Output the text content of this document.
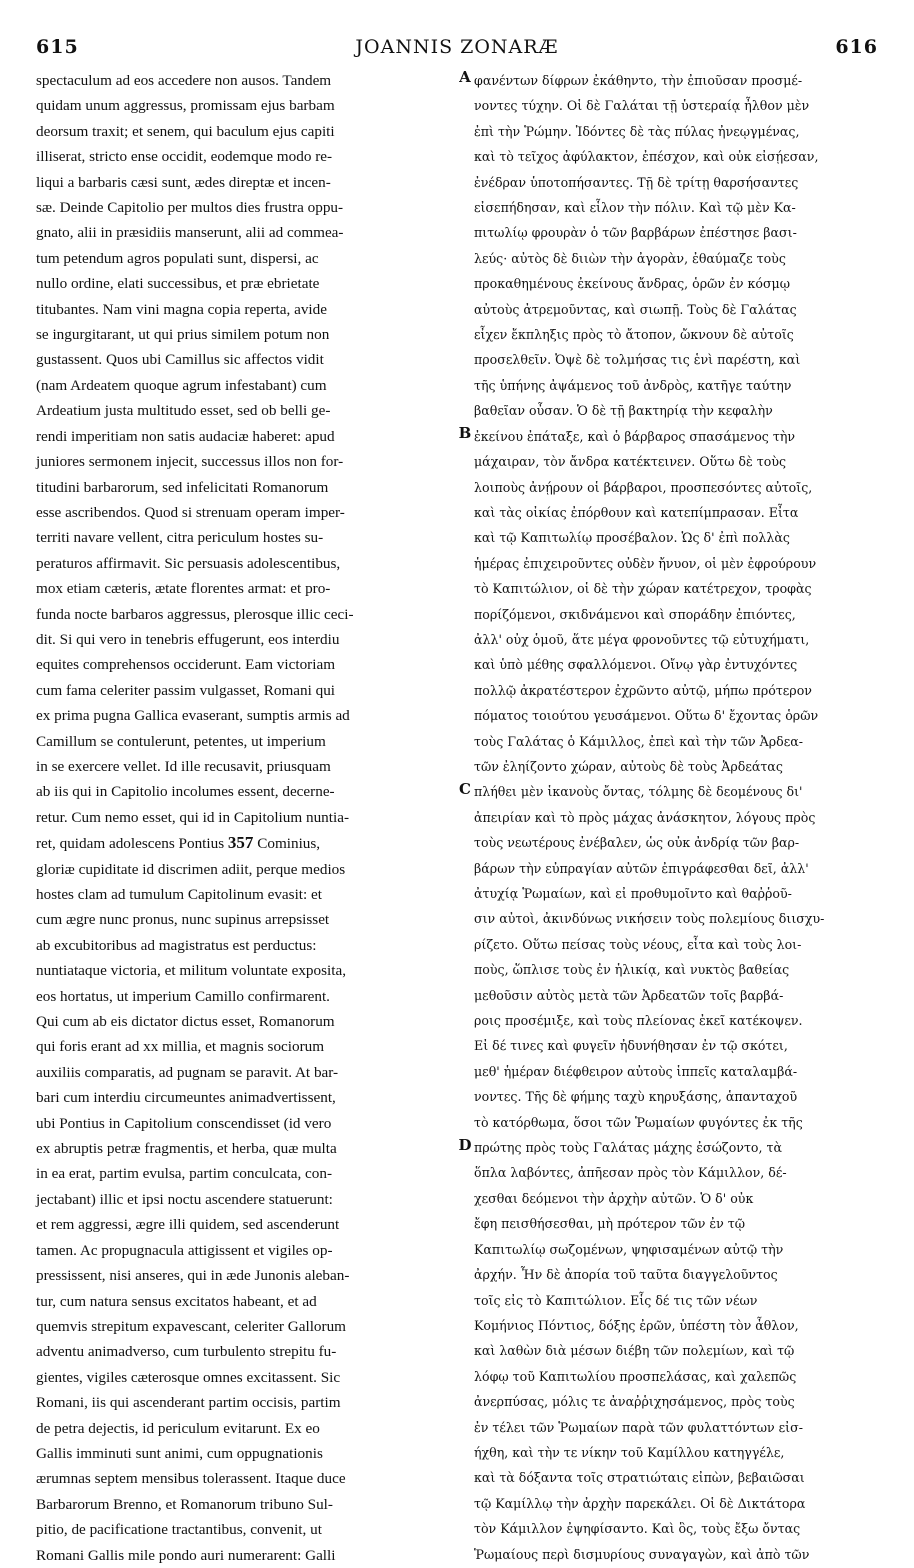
615	JOANNIS ZONARÆ	616
spectaculum ad eos accedere non ausos. Tandem
quidam unum aggressus, promissam ejus barbam
deorsum traxit; et senem, qui baculum ejus capiti
illiserat, stricto ense occidit, eodemque modo re-
liqui a barbaris cæsi sunt, ædes direptæ et incen-
sæ. Deinde Capitolio per multos dies frustra oppu-
gnato, alii in præsidiis manserunt, alii ad commea-
tum petendum agros populati sunt, dispersi, ac
nullo ordine, elati successibus, et præ ebrietate
titubantes. Nam vini magna copia reperta, avide
se ingurgitarant, ut qui prius similem potum non
gustassent. Quos ubi Camillus sic affectos vidit
(nam Ardeatem quoque agrum infestabant) cum
Ardeatium justa multitudo esset, sed ob belli ge-
rendi imperitiam non satis audaciæ haberet: apud
juniores sermonem injecit, successus illos non for-
titudini barbarorum, sed infelicitati Romanorum
esse ascribendos. Quod si strenuam operam imper-
territi navare vellent, citra periculum hostes su-
peraturos affirmavit. Sic persuasis adolescentibus,
mox etiam cæteris, ætate florentes armat: et pro-
funda nocte barbaros aggressus, plerosque illic ceci-
dit. Si qui vero in tenebris effugerunt, eos interdiu
equites comprehensos occiderunt. Eam victoriam
cum fama celeriter passim vulgasset, Romani qui
ex prima pugna Gallica evaserant, sumptis armis ad
Camillum se contulerunt, petentes, ut imperium
in se exercere vellet. Id ille recusavit, priusquam
ab iis qui in Capitolio incolumes essent, decerne-
retur. Cum nemo esset, qui id in Capitolium nuntia-
ret, quidam adolescens Pontius 357 Cominius,
gloriæ cupiditate id discrimen adiit, perque medios
hostes clam ad tumulum Capitolinum evasit: et
cum ægre nunc pronus, nunc supinus arrepsisset
ab excubitoribus ad magistratus est perductus:
nuntiataque victoria, et militum voluntate exposita,
eos hortatus, ut imperium Camillo confirmarent.
Qui cum ab eis dictator dictus esset, Romanorum
qui foris erant ad xx millia, et magnis sociorum
auxiliis comparatis, ad pugnam se paravit. At bar-
bari cum interdiu circumeuntes animadvertissent,
ubi Pontius in Capitolium conscendisset (id vero
ex abruptis petræ fragmentis, et herba, quæ multa
in ea erat, partim evulsa, partim conculcata, con-
jectabant) illic et ipsi noctu ascendere statuerunt:
et rem aggressi, ægre illi quidem, sed ascenderunt
tamen. Ac propugnacula attigissent et vigiles op-
pressissent, nisi anseres, qui in æde Junonis aleban-
tur, cum natura sensus excitatos habeant, et ad
quemvis strepitum expavescant, celeriter Gallorum
adventu animadverso, cum turbulento strepitu fu-
gientes, vigiles cæterosque omnes excitassent. Sic
Romani, iis qui ascenderant partim occisis, partim
de petra dejectis, id periculum evitarunt. Ex eo
Gallis imminuti sunt animi, cum oppugnationis
ærumnas septem mensibus tolerassent. Itaque duce
Barbarorum Brenno, et Romanorum tribuno Sul-
pitio, de pacificatione tractantibus, convenit, ut
Romani Gallis mile pondo auri numerarent: Galli
A
B
C
D
φανέντων δίφρων ἐκάθηντο, τὴν ἐπιοῦσαν προσμέ-
νοντες τύχην. Οἱ δὲ Γαλάται τῇ ὑστεραίᾳ ἦλθον μὲν
ἐπὶ τὴν Ῥώμην. Ἰδόντες δὲ τὰς πύλας ἠνεῳγμένας,
καὶ τὸ τεῖχος ἀφύλακτον, ἐπέσχον, καὶ οὐκ εἰσῄεσαν,
ἐνέδραν ὑποτοπήσαντες. Τῇ δὲ τρίτῃ θαρσήσαντες
εἰσεπήδησαν, καὶ εἷλον τὴν πόλιν. Καὶ τῷ μὲν Κα-
πιτωλίῳ φρουρὰν ὁ τῶν βαρβάρων ἐπέστησε βασι-
λεύς· αὐτὸς δὲ διιὼν τὴν ἀγορὰν, ἐθαύμαζε τοὺς
προκαθημένους ἐκείνους ἄνδρας, ὁρῶν ἐν κόσμῳ
αὐτοὺς ἀτρεμοῦντας, καὶ σιωπῇ. Τοὺς δὲ Γαλάτας
εἶχεν ἔκπληξις πρὸς τὸ ἄτοπον, ὤκνουν δὲ αὐτοῖς
προσελθεῖν. Ὀψὲ δὲ τολμήσας τις ἑνὶ παρέστη, καὶ
τῆς ὑπήνης ἀψάμενος τοῦ ἀνδρὸς, κατῆγε ταύτην
βαθεῖαν οὖσαν. Ὁ δὲ τῇ βακτηρίᾳ τὴν κεφαλὴν
ἐκείνου ἐπάταξε, καὶ ὁ βάρβαρος σπασάμενος τὴν
μάχαιραν, τὸν ἄνδρα κατέκτεινεν. Οὕτω δὲ τοὺς
λοιποὺς ἀνῄρουν οἱ βάρβαροι, προσπεσόντες αὐτοῖς,
καὶ τὰς οἰκίας ἐπόρθουν καὶ κατεπίμπρασαν. Εἶτα
καὶ τῷ Καπιτωλίῳ προσέβαλον. Ὡς δ' ἐπὶ πολλὰς
ἡμέρας ἐπιχειροῦντες οὐδὲν ἤνυον, οἱ μὲν ἐφρούρουν
τὸ Καπιτώλιον, οἱ δὲ τὴν χώραν κατέτρεχον, τροφὰς
πορίζόμενοι, σκιδνάμενοι καὶ σποράδην ἐπιόντες,
ἀλλ' οὐχ ὁμοῦ, ἅτε μέγα φρονοῦντες τῷ εὐτυχήματι,
καὶ ὑπὸ μέθης σφαλλόμενοι. Οἴνῳ γὰρ ἐντυχόντες
πολλῷ ἀκρατέστερον ἐχρῶντο αὐτῷ, μήπω πρότερον
πόματος τοιούτου γευσάμενοι. Οὕτω δ' ἔχοντας ὁρῶν
τοὺς Γαλάτας ὁ Κάμιλλος, ἐπεὶ καὶ τὴν τῶν Ἀρδεα-
τῶν ἐληίζοντο χώραν, αὐτοὺς δὲ τοὺς Ἀρδεάτας
πλήθει μὲν ἱκανοὺς ὄντας, τόλμης δὲ δεομένους δι'
ἀπειρίαν καὶ τὸ πρὸς μάχας ἀνάσκητον, λόγους πρὸς
τοὺς νεωτέρους ἐνέβαλεν, ὡς οὐκ ἀνδρίᾳ τῶν βαρ-
βάρων τὴν εὐπραγίαν αὐτῶν ἐπιγράφεσθαι δεῖ, ἀλλ'
ἀτυχίᾳ Ῥωμαίων, καὶ εἰ προθυμοῖντο καὶ θαῤῥοῦ-
σιν αὐτοὶ, ἀκινδύνως νικήσειν τοὺς πολεμίους διισχυ-
ρίζετο. Οὕτω πείσας τοὺς νέους, εἶτα καὶ τοὺς λοι-
ποὺς, ὥπλισε τοὺς ἐν ἡλικίᾳ, καὶ νυκτὸς βαθείας
μεθοῦσιν αὐτὸς μετὰ τῶν Ἀρδεατῶν τοῖς βαρβά-
ροις προσέμιξε, καὶ τοὺς πλείονας ἐκεῖ κατέκοψεν.
Εἰ δέ τινες καὶ φυγεῖν ἠδυνήθησαν ἐν τῷ σκότει,
μεθ' ἡμέραν διέφθειρον αὐτοὺς ἱππεῖς καταλαμβά-
νοντες. Τῆς δὲ φήμης ταχὺ κηρυξάσης, ἁπανταχοῦ
τὸ κατόρθωμα, ὅσοι τῶν Ῥωμαίων φυγόντες ἐκ τῆς
πρώτης πρὸς τοὺς Γαλάτας μάχης ἐσώζοντο, τὰ
ὅπλα λαβόντες, ἀπῆεσαν πρὸς τὸν Κάμιλλον, δέ-
χεσθαι δεόμενοι τὴν ἀρχὴν αὐτῶν. Ὁ δ' οὐκ
ἔφη πεισθήσεσθαι, μὴ πρότερον τῶν ἐν τῷ
Καπιτωλίῳ σωζομένων, ψηφισαμένων αὐτῷ τὴν
ἀρχήν. Ἦν δὲ ἀπορία τοῦ ταῦτα διαγγελοῦντος
τοῖς εἰς τὸ Καπιτώλιον. Εἷς δέ τις τῶν νέων
Κομήνιος Πόντιος, δόξης ἐρῶν, ὑπέστη τὸν ἆθλον,
καὶ λαθὼν διὰ μέσων διέβη τῶν πολεμίων, καὶ τῷ
λόφῳ τοῦ Καπιτωλίου προσπελάσας, καὶ χαλεπῶς
ἀνερπύσας, μόλις τε ἀναῤῥιχησάμενος, πρὸς τοὺς
ἐν τέλει τῶν Ῥωμαίων παρὰ τῶν φυλαττόντων εἰσ-
ήχθη, καὶ τὴν τε νίκην τοῦ Καμίλλου κατηγγέλε,
καὶ τὰ δόξαντα τοῖς στρατιώταις εἰπὼν, βεβαιῶσαι
τῷ Καμίλλῳ τὴν ἀρχὴν παρεκάλει. Οἱ δὲ Δικτάτορα
τὸν Κάμιλλον ἐψηφίσαντο. Καὶ ὃς, τοὺς ἔξω ὄντας
Ῥωμαίους περὶ δισμυρίους συναγαγὼν, καὶ ἀπὸ τῶν
